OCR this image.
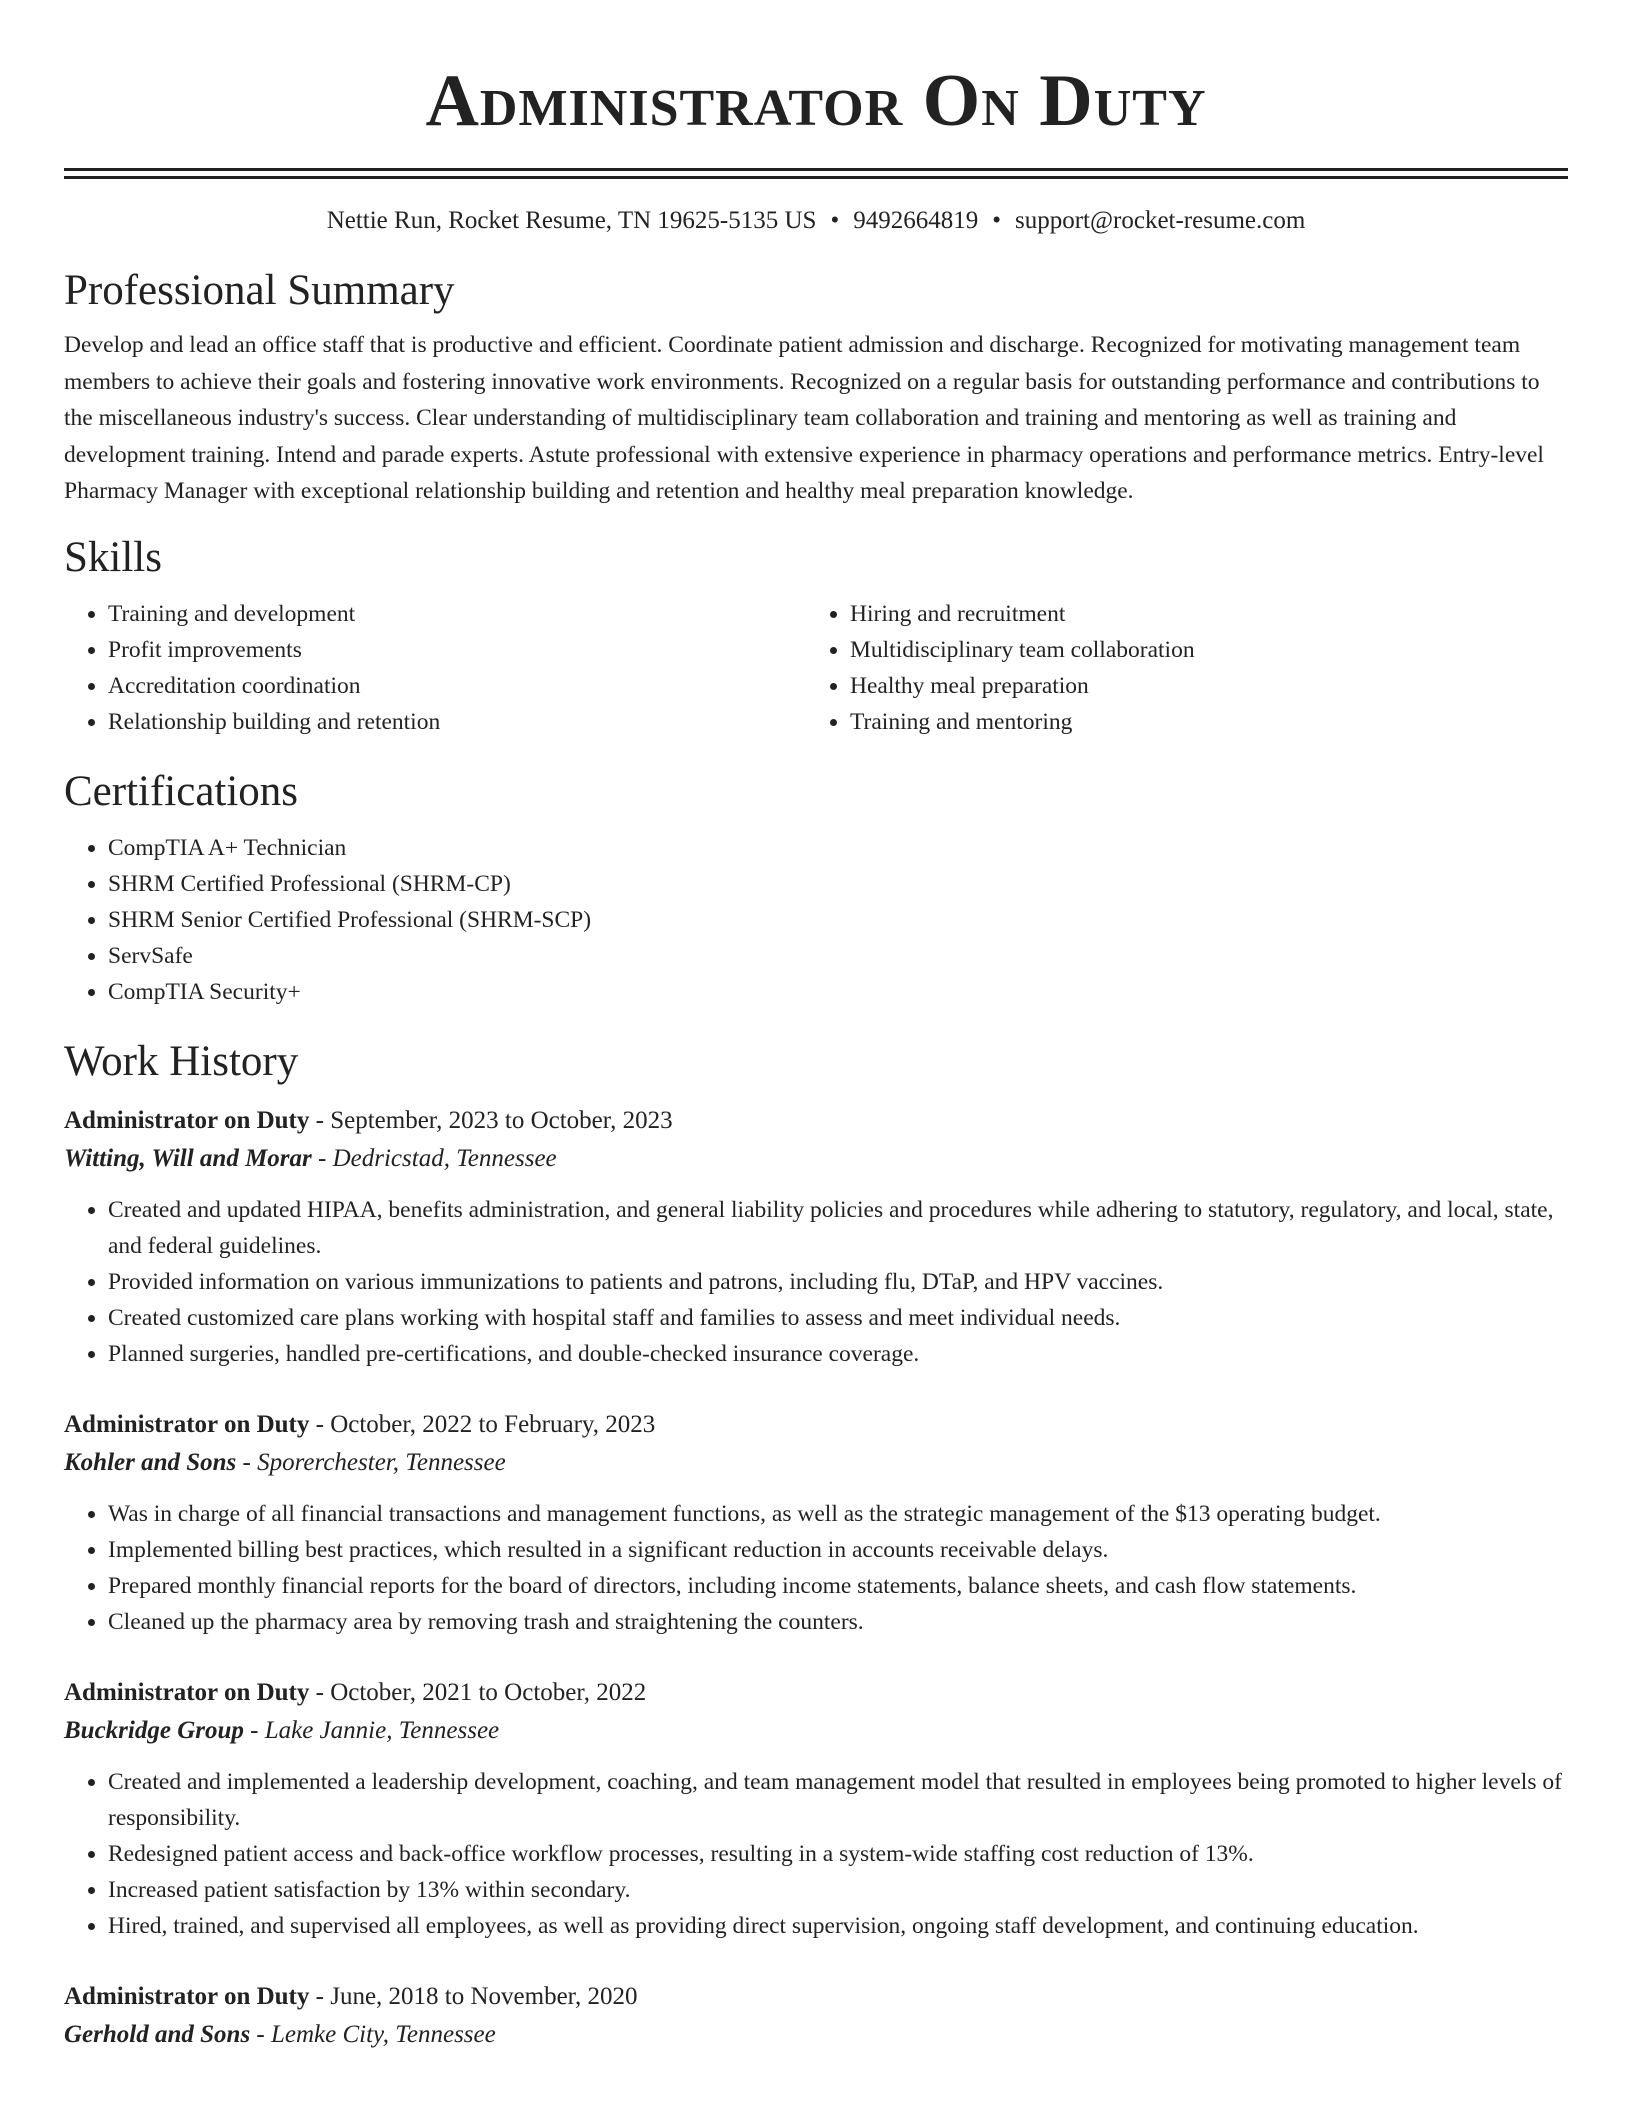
Administrator On Duty
Nettie Run, Rocket Resume, TN 19625-5135 US • 9492664819 • support@rocket-resume.com
Professional Summary
Develop and lead an office staff that is productive and efficient. Coordinate patient admission and discharge. Recognized for motivating management team members to achieve their goals and fostering innovative work environments. Recognized on a regular basis for outstanding performance and contributions to the miscellaneous industry's success. Clear understanding of multidisciplinary team collaboration and training and mentoring as well as training and development training. Intend and parade experts. Astute professional with extensive experience in pharmacy operations and performance metrics. Entry-level Pharmacy Manager with exceptional relationship building and retention and healthy meal preparation knowledge.
Skills
• Training and development
• Profit improvements
• Accreditation coordination
• Relationship building and retention
• Hiring and recruitment
• Multidisciplinary team collaboration
• Healthy meal preparation
• Training and mentoring
Certifications
• CompTIA A+ Technician
• SHRM Certified Professional (SHRM-CP)
• SHRM Senior Certified Professional (SHRM-SCP)
• ServSafe
• CompTIA Security+
Work History
Administrator on Duty - September, 2023 to October, 2023
Witting, Will and Morar - Dedricstad, Tennessee
• Created and updated HIPAA, benefits administration, and general liability policies and procedures while adhering to statutory, regulatory, and local, state, and federal guidelines.
• Provided information on various immunizations to patients and patrons, including flu, DTaP, and HPV vaccines.
• Created customized care plans working with hospital staff and families to assess and meet individual needs.
• Planned surgeries, handled pre-certifications, and double-checked insurance coverage.
Administrator on Duty - October, 2022 to February, 2023
Kohler and Sons - Sporerchester, Tennessee
• Was in charge of all financial transactions and management functions, as well as the strategic management of the $13 operating budget.
• Implemented billing best practices, which resulted in a significant reduction in accounts receivable delays.
• Prepared monthly financial reports for the board of directors, including income statements, balance sheets, and cash flow statements.
• Cleaned up the pharmacy area by removing trash and straightening the counters.
Administrator on Duty - October, 2021 to October, 2022
Buckridge Group - Lake Jannie, Tennessee
• Created and implemented a leadership development, coaching, and team management model that resulted in employees being promoted to higher levels of responsibility.
• Redesigned patient access and back-office workflow processes, resulting in a system-wide staffing cost reduction of 13%.
• Increased patient satisfaction by 13% within secondary.
• Hired, trained, and supervised all employees, as well as providing direct supervision, ongoing staff development, and continuing education.
Administrator on Duty - June, 2018 to November, 2020
Gerhold and Sons - Lemke City, Tennessee
